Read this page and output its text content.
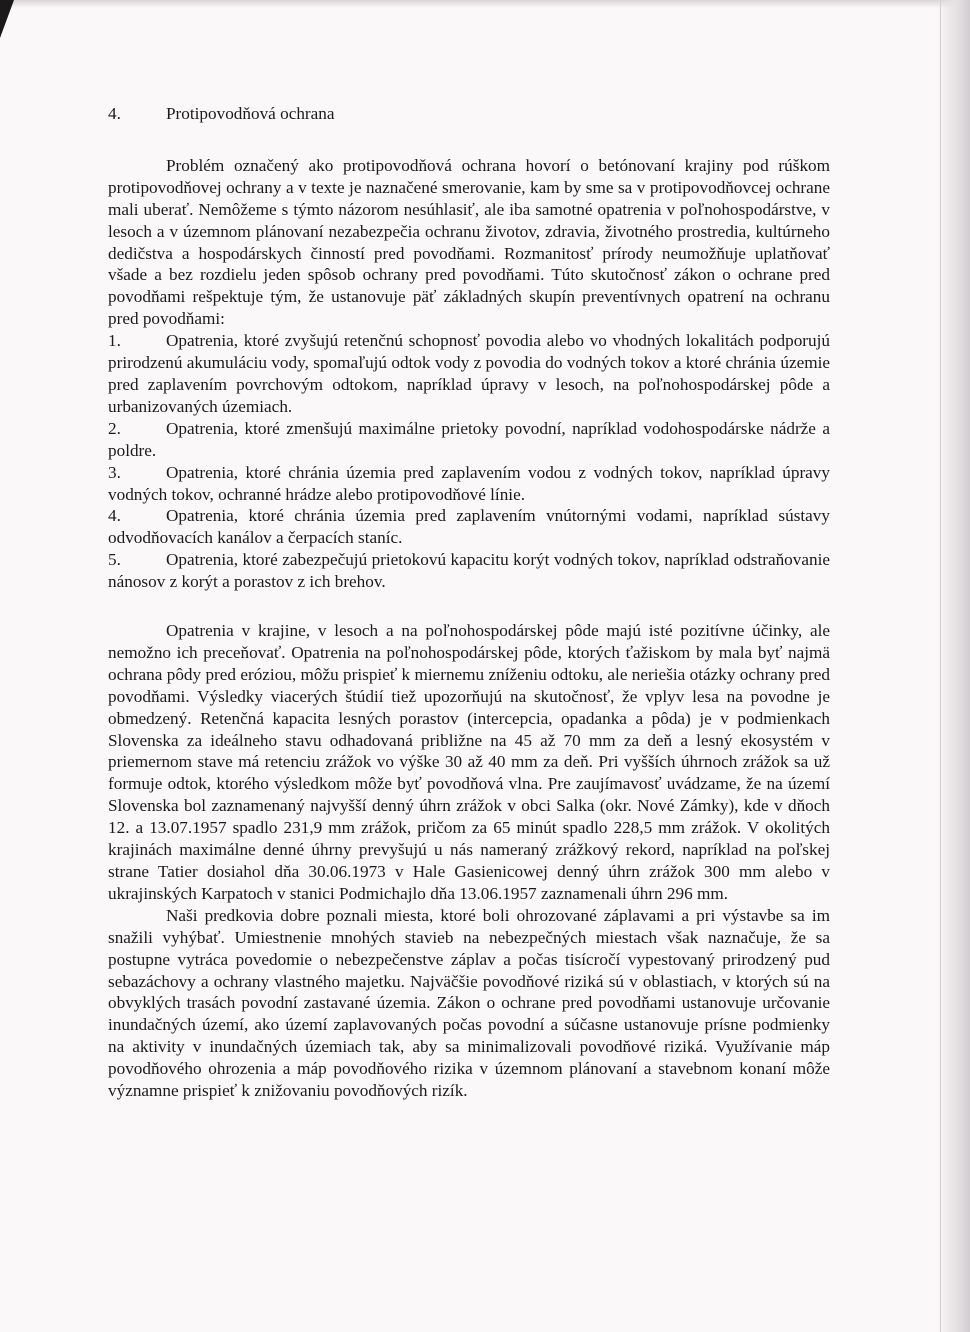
4.	Protipovodňová ochrana

Problém označený ako protipovodňová ochrana hovorí o betónovaní krajiny pod rúškom protipovodňovej ochrany a v texte je naznačené smerovanie, kam by sme sa v protipovodňovcej ochrane mali uberať. Nemôžeme s týmto názorom nesúhlasiť, ale iba samotné opatrenia v poľnohospodárstve, v lesoch a v územnom plánovaní nezabezpečia ochranu životov, zdravia, životného prostredia, kultúrneho dedičstva a hospodárskych činností pred povodňami. Rozmanitosť prírody neumožňuje uplatňovať všade a bez rozdielu jeden spôsob ochrany pred povodňami. Túto skutočnosť zákon o ochrane pred povodňami rešpektuje tým, že ustanovuje päť základných skupín preventívnych opatrení na ochranu pred povodňami:

1.	Opatrenia, ktoré zvyšujú retenčnú schopnosť povodia alebo vo vhodných lokalitách podporujú prirodzenú akumuláciu vody, spomaľujú odtok vody z povodia do vodných tokov a ktoré chránia územie pred zaplavením povrchovým odtokom, napríklad úpravy v lesoch, na poľnohospodárskej pôde a urbanizovaných územiach.

2.	Opatrenia, ktoré zmenšujú maximálne prietoky povodní, napríklad vodohospodárske nádrže a poldre.

3.	Opatrenia, ktoré chránia územia pred zaplavením vodou z vodných tokov, napríklad úpravy vodných tokov, ochranné hrádze alebo protipovodňové línie.

4.	Opatrenia, ktoré chránia územia pred zaplavením vnútornými vodami, napríklad sústavy odvodňovacích kanálov a čerpacích staníc.

5.	Opatrenia, ktoré zabezpečujú prietokovú kapacitu korýt vodných tokov, napríklad odstraňovanie nánosov z korýt a porastov z ich brehov.

Opatrenia v krajine, v lesoch a na poľnohospodárskej pôde majú isté pozitívne účinky, ale nemožno ich preceňovať. Opatrenia na poľnohospodárskej pôde, ktorých ťažiskom by mala byť najmä ochrana pôdy pred eróziou, môžu prispieť k miernemu zníženiu odtoku, ale neriešia otázky ochrany pred povodňami. Výsledky viacerých štúdií tiež upozorňujú na skutočnosť, že vplyv lesa na povodne je obmedzený. Retenčná kapacita lesných porastov (intercepcia, opadanka a pôda) je v podmienkach Slovenska za ideálneho stavu odhadovaná približne na 45 až 70 mm za deň a lesný ekosystém v priemernom stave má retenciu zrážok vo výške 30 až 40 mm za deň. Pri vyšších úhrnoch zrážok sa už formuje odtok, ktorého výsledkom môže byť povodňová vlna. Pre zaujímavosť uvádzame, že na území Slovenska bol zaznamenaný najvyšší denný úhrn zrážok v obci Salka (okr. Nové Zámky), kde v dňoch 12. a 13.07.1957 spadlo 231,9 mm zrážok, pričom za 65 minút spadlo 228,5 mm zrážok. V okolitých krajinách maximálne denné úhrny prevyšujú u nás nameraný zrážkový rekord, napríklad na poľskej strane Tatier dosiahol dňa 30.06.1973 v Hale Gasienicowej denný úhrn zrážok 300 mm alebo v ukrajinských Karpatoch v stanici Podmichajlo dňa 13.06.1957 zaznamenali úhrn 296 mm.

Naši predkovia dobre poznali miesta, ktoré boli ohrozované záplavami a pri výstavbe sa im snažili vyhýbať. Umiestnenie mnohých stavieb na nebezpečných miestach však naznačuje, že sa postupne vytráca povedomie o nebezpečenstve záplav a počas tisícročí vypestovaný prirodzený pud sebazáchovy a ochrany vlastného majetku. Najväčšie povodňové riziká sú v oblastiach, v ktorých sú na obvyklých trasách povodní zastavané územia. Zákon o ochrane pred povodňami ustanovuje určovanie inundačných území, ako území zaplavovaných počas povodní a súčasne ustanovuje prísne podmienky na aktivity v inundačných územiach tak, aby sa minimalizovali povodňové riziká. Využívanie máp povodňového ohrozenia a máp povodňového rizika v územnom plánovaní a stavebnom konaní môže významne prispieť k znižovaniu povodňových rizík.
